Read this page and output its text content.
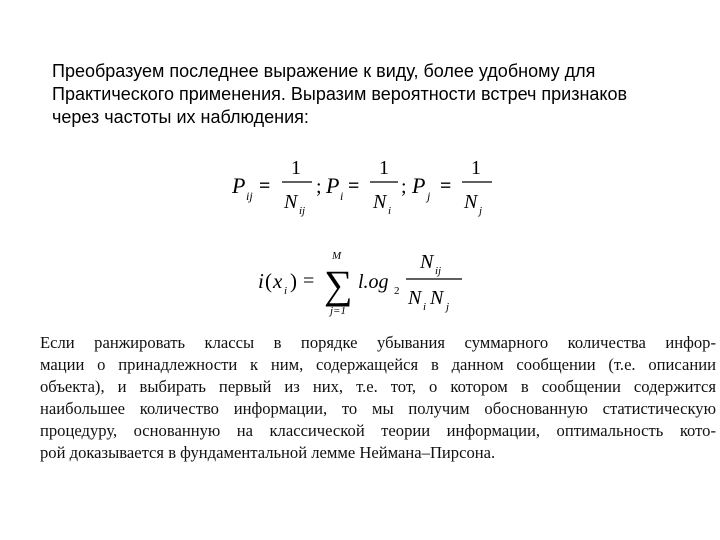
Преобразуем последнее выражение к виду, более удобному для
Практического применения. Выразим вероятности встреч признаков
через частоты их наблюдения:
P ij =
1
N ij
; P i =
1
N i
; P j =
1
N j
i ( x i ) =
M
∑
j=1
l.og 2
N ij
N i N j
Если ранжировать классы в порядке убывания суммарного количества инфор-
мации о принадлежности к ним, содержащейся в данном сообщении (т.е. описании
объекта), и выбирать первый из них, т.е. тот, о котором в сообщении содержится
наибольшее количество информации, то мы получим обоснованную статистическую
процедуру, основанную на классической теории информации, оптимальность кото-
рой доказывается в фундаментальной лемме Неймана–Пирсона.
